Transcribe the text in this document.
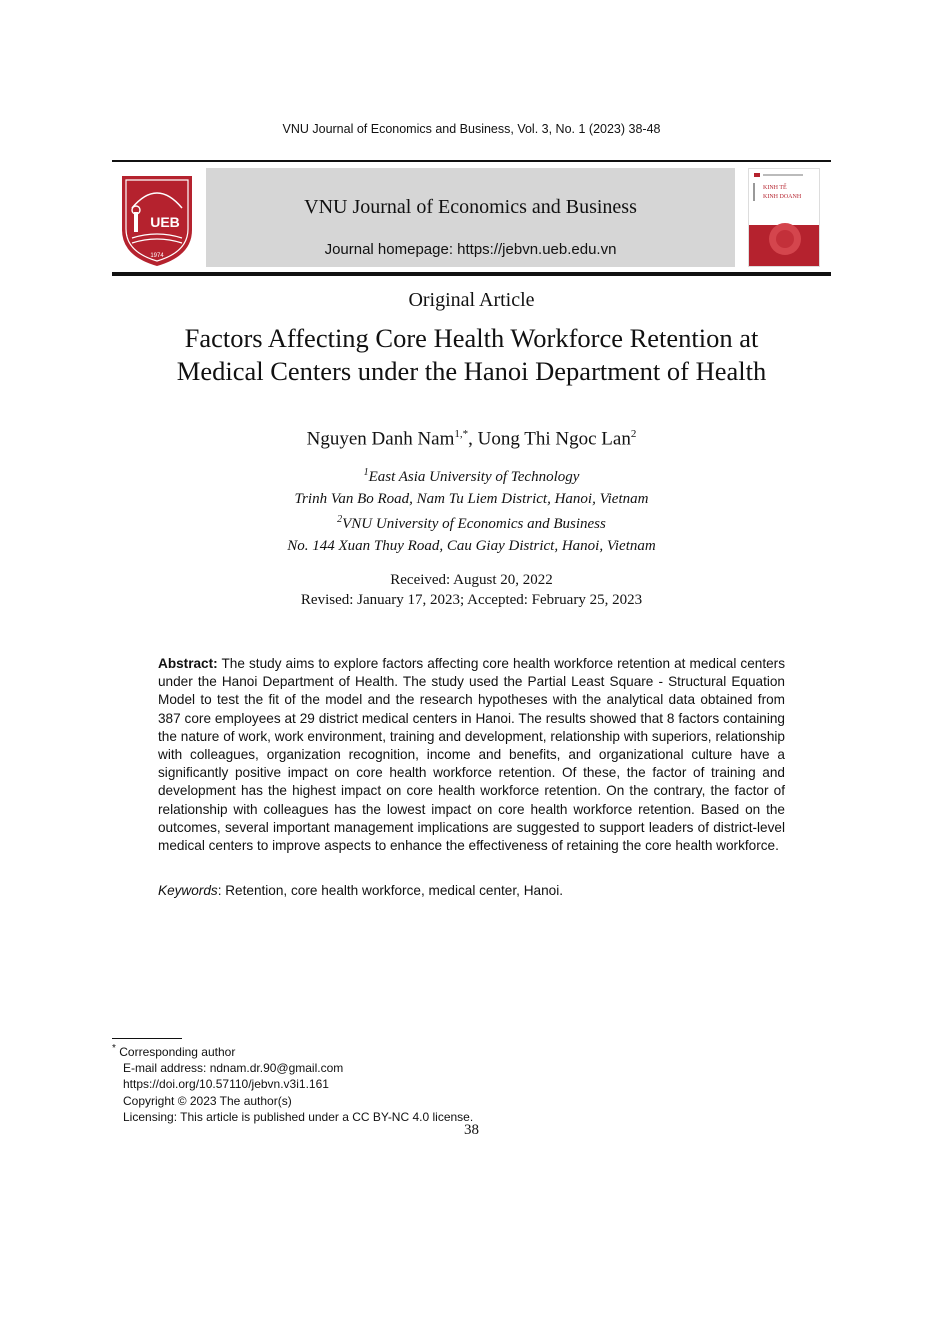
VNU Journal of Economics and Business, Vol. 3, No. 1 (2023) 38-48
UEB
1974
VNU Journal of Economics and Business
Journal homepage: https://jebvn.ueb.edu.vn
KINH TẾ
KINH DOANH
Original Article
Factors Affecting Core Health Workforce Retention at
Medical Centers under the Hanoi Department of Health
Nguyen Danh Nam$^{1,*}$, Uong Thi Ngoc Lan$^2$
$^1$East Asia University of Technology
Trinh Van Bo Road, Nam Tu Liem District, Hanoi, Vietnam
$^2$VNU University of Economics and Business
No. 144 Xuan Thuy Road, Cau Giay District, Hanoi, Vietnam
Received: August 20, 2022
Revised: January 17, 2023; Accepted: February 25, 2023
Abstract: The study aims to explore factors affecting core health workforce retention at medical centers under the Hanoi Department of Health. The study used the Partial Least Square - Structural Equation Model to test the fit of the model and the research hypotheses with the analytical data obtained from 387 core employees at 29 district medical centers in Hanoi. The results showed that 8 factors containing the nature of work, work environment, training and development, relationship with superiors, relationship with colleagues, organization recognition, income and benefits, and organizational culture have a significantly positive impact on core health workforce retention. Of these, the factor of training and development has the highest impact on core health workforce retention. On the contrary, the factor of relationship with colleagues has the lowest impact on core health workforce retention. Based on the outcomes, several important management implications are suggested to support leaders of district-level medical centers to improve aspects to enhance the effectiveness of retaining the core health workforce.
Keywords: Retention, core health workforce, medical center, Hanoi.
* Corresponding author
E-mail address: ndnam.dr.90@gmail.com
https://doi.org/10.57110/jebvn.v3i1.161
Copyright © 2023 The author(s)
Licensing: This article is published under a CC BY-NC 4.0 license.
38
